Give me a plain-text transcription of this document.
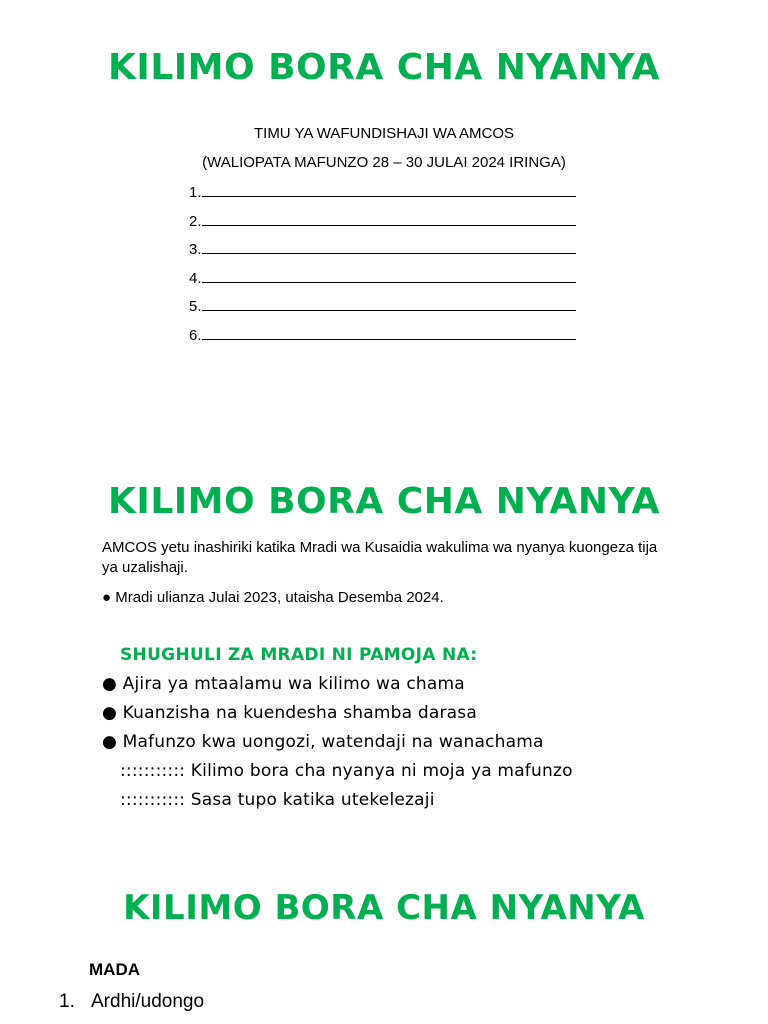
KILIMO BORA CHA NYANYA
TIMU YA WAFUNDISHAJI WA AMCOS
(WALIOPATA MAFUNZO 28 – 30 JULAI 2024 IRINGA)
1.
2.
3.
4.
5.
6.
KILIMO BORA CHA NYANYA

AMCOS yetu inashiriki katika Mradi wa Kusaidia wakulima wa nyanya kuongeza tija ya uzalishaji.

● Mradi ulianza Julai 2023, utaisha Desemba 2024.

SHUGHULI ZA MRADI NI PAMOJA NA:
● Ajira ya mtaalamu wa kilimo wa chama
● Kuanzisha na kuendesha shamba darasa
● Mafunzo kwa uongozi, watendaji na wanachama
::::::::::: Kilimo bora cha nyanya ni moja ya mafunzo
::::::::::: Sasa tupo katika utekelezaji
KILIMO BORA CHA NYANYA
MADA
1. Ardhi/udongo
